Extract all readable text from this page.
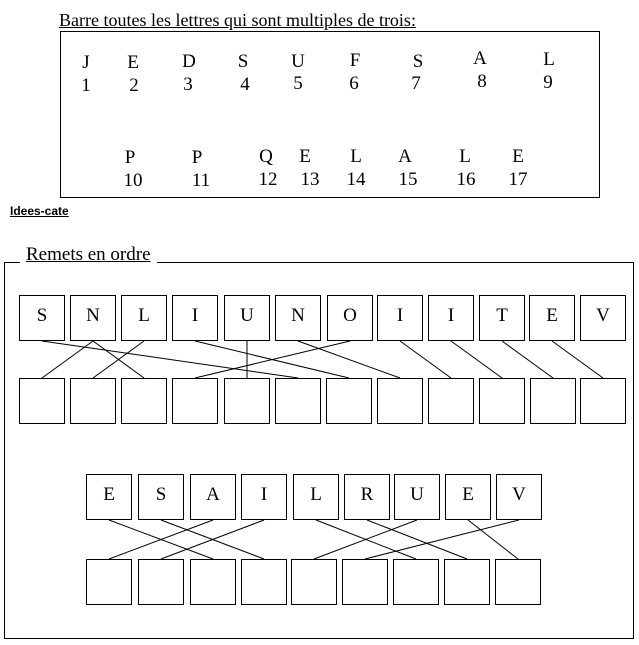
Barre toutes les lettres qui sont multiples de trois:
J
1
E
2
D
3
S
4
U
5
F
6
S
7
A
8
L
9
P
10
P
11
Q
12
E
13
L
14
A
15
L
16
E
17
Idees-cate
Remets en ordre
S	N	L	I	U	N	O	I	I	T	E	V
E	S	A	I	L	R	U	E	V
